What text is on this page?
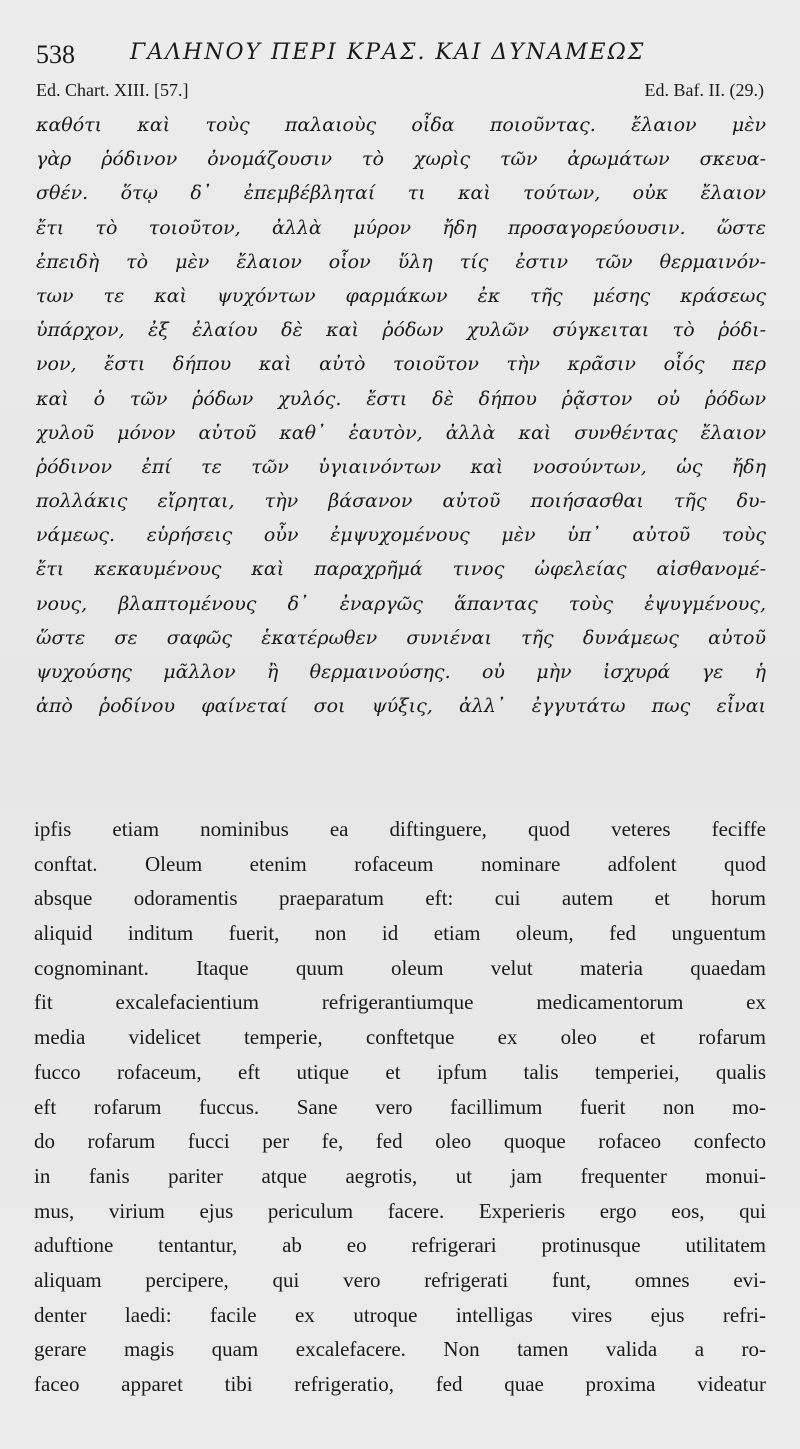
538	ΓΑΛΗΝΟΥ ΠΕΡΙ ΚΡΑΣ. ΚΑΙ ΔΥΝΑΜΕΩΣ
Ed. Chart. XIII. [57.]	Ed. Baf. II. (29.)
καθότι καὶ τοὺς παλαιοὺς οἶδα ποιοῦντας. ἔλαιον μὲν
γὰρ ῥόδινον ὀνομάζουσιν τὸ χωρὶς τῶν ἀρωμάτων σκευα-
σθέν. ὅτῳ δ᾽ ἐπεμβέβληταί τι καὶ τούτων, οὐκ ἔλαιον
ἔτι τὸ τοιοῦτον, ἀλλὰ μύρον ἤδη προσαγορεύουσιν. ὥστε
ἐπειδὴ τὸ μὲν ἔλαιον οἷον ὕλη τίς ἐστιν τῶν θερμαινόν-
των τε καὶ ψυχόντων φαρμάκων ἐκ τῆς μέσης κράσεως
ὑπάρχον, ἐξ ἐλαίου δὲ καὶ ῥόδων χυλῶν σύγκειται τὸ ῥόδι-
νον, ἔστι δήπου καὶ αὐτὸ τοιοῦτον τὴν κρᾶσιν οἷός περ
καὶ ὁ τῶν ῥόδων χυλός. ἔστι δὲ δήπου ῥᾷστον οὐ ῥόδων
χυλοῦ μόνον αὐτοῦ καθ᾽ ἑαυτὸν, ἀλλὰ καὶ συνθέντας ἔλαιον
ῥόδινον ἐπί τε τῶν ὑγιαινόντων καὶ νοσούντων, ὡς ἤδη
πολλάκις εἴρηται, τὴν βάσανον αὐτοῦ ποιήσασθαι τῆς δυ-
νάμεως. εὑρήσεις οὖν ἐμψυχομένους μὲν ὑπ᾽ αὐτοῦ τοὺς
ἔτι κεκαυμένους καὶ παραχρῆμά τινος ὠφελείας αἰσθανομέ-
νους, βλαπτομένους δ᾽ ἐναργῶς ἅπαντας τοὺς ἐψυγμένους,
ὥστε σε σαφῶς ἑκατέρωθεν συνιέναι τῆς δυνάμεως αὐτοῦ
ψυχούσης μᾶλλον ἢ θερμαινούσης. οὐ μὴν ἰσχυρά γε ἡ
ἀπὸ ῥοδίνου φαίνεταί σοι ψύξις, ἀλλ᾽ ἐγγυτάτω πως εἶναι
ipfis etiam nominibus ea diftinguere, quod veteres feciffe
conftat. Oleum etenim rofaceum nominare adfolent quod
absque odoramentis praeparatum eft: cui autem et horum
aliquid inditum fuerit, non id etiam oleum, fed unguentum
cognominant. Itaque quum oleum velut materia quaedam
fit excalefacientium refrigerantiumque medicamentorum ex
media videlicet temperie, conftetque ex oleo et rofarum
fucco rofaceum, eft utique et ipfum talis temperiei, qualis
eft rofarum fuccus. Sane vero facillimum fuerit non mo-
do rofarum fucci per fe, fed oleo quoque rofaceo confecto
in fanis pariter atque aegrotis, ut jam frequenter monui-
mus, virium ejus periculum facere. Experieris ergo eos, qui
aduftione tentantur, ab eo refrigerari protinusque utilitatem
aliquam percipere, qui vero refrigerati funt, omnes evi-
denter laedi: facile ex utroque intelligas vires ejus refri-
gerare magis quam excalefacere. Non tamen valida a ro-
faceo apparet tibi refrigeratio, fed quae proxima videatur
